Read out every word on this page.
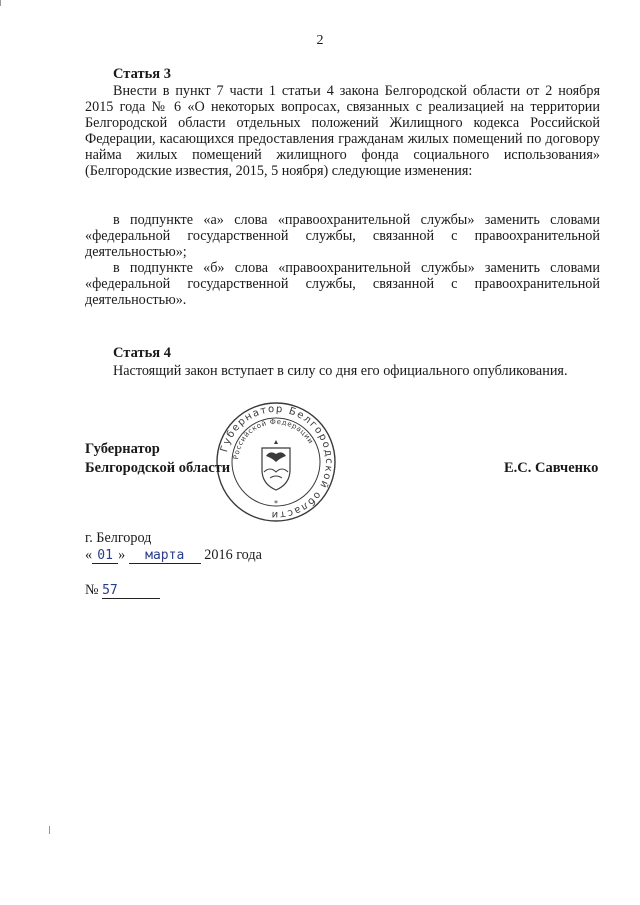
2
Статья 3
Внести в пункт 7 части 1 статьи 4 закона Белгородской области от 2 ноября 2015 года № 6 «О некоторых вопросах, связанных с реализацией на территории Белгородской области отдельных положений Жилищного кодекса Российской Федерации, касающихся предоставления гражданам жилых помещений по договору найма жилых помещений жилищного фонда социального использования» (Белгородские известия, 2015, 5 ноября) следующие изменения:
в подпункте «а» слова «правоохранительной службы» заменить словами «федеральной государственной службы, связанной с правоохранительной деятельностью»;
в подпункте «б» слова «правоохранительной службы» заменить словами «федеральной государственной службы, связанной с правоохранительной деятельностью».
Статья 4
Настоящий закон вступает в силу со дня его официального опубликования.
Губернатор Белгородской области
Российской Федерации
*
Губернатор
Белгородской области	Е.С. Савченко
г. Белгород
« 01 » марта 2016 года
№ 57
